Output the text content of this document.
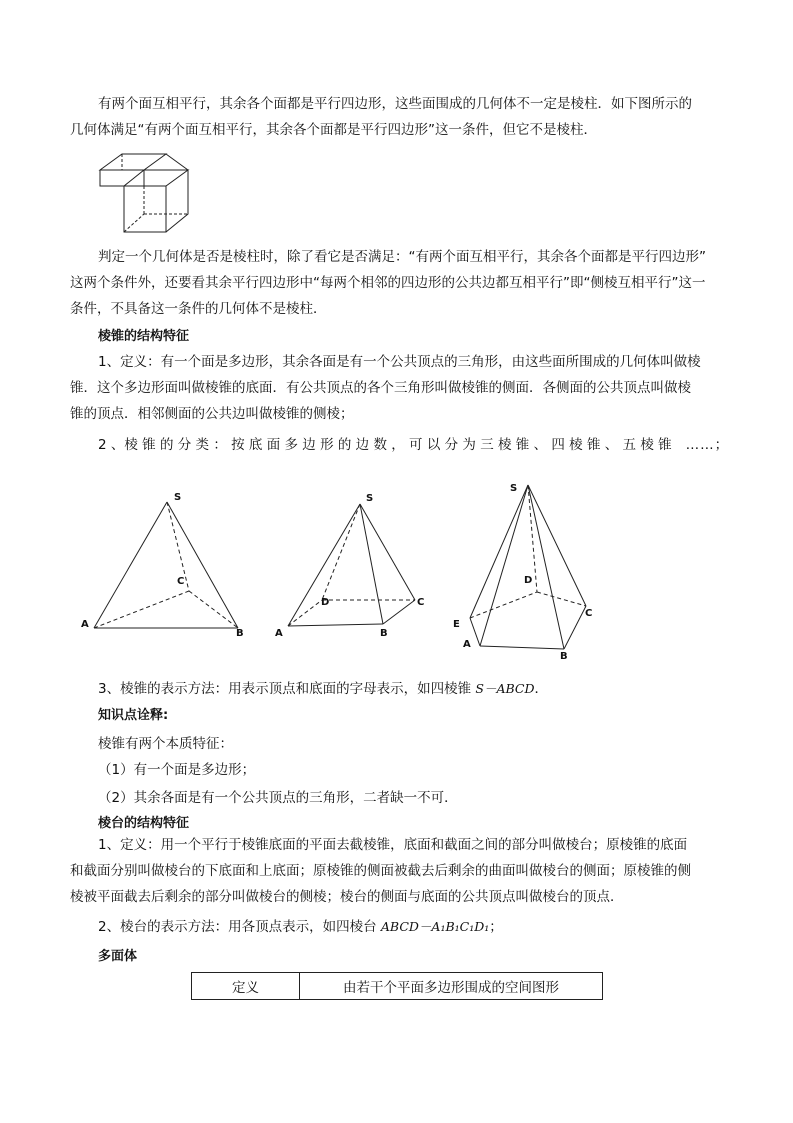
有两个面互相平行，其余各个面都是平行四边形，这些面围成的几何体不一定是棱柱．如下图所示的
几何体满足“有两个面互相平行，其余各个面都是平行四边形”这一条件，但它不是棱柱．
判定一个几何体是否是棱柱时，除了看它是否满足：“有两个面互相平行，其余各个面都是平行四边形”
这两个条件外，还要看其余平行四边形中“每两个相邻的四边形的公共边都互相平行”即“侧棱互相平行”这一
条件，不具备这一条件的几何体不是棱柱．
棱锥的结构特征
1、定义：有一个面是多边形，其余各面是有一个公共顶点的三角形，由这些面所围成的几何体叫做棱
锥．这个多边形面叫做棱锥的底面．有公共顶点的各个三角形叫做棱锥的侧面．各侧面的公共顶点叫做棱
锥的顶点．相邻侧面的公共边叫做棱锥的侧棱；
2 、棱 锥 的 分 类 ： 按 底 面 多 边 形 的 边 数 ， 可 以 分 为 三 棱 锥 、 四 棱 锥 、 五 棱 锥 ……；
S
A
B
C
S
A	B
C
D
S
A
B
C
D
E
3、棱锥的表示方法：用表示顶点和底面的字母表示，如四棱锥 S－ABCD．
知识点诠释:
棱锥有两个本质特征：
（1）有一个面是多边形；
（2）其余各面是有一个公共顶点的三角形，二者缺一不可．
棱台的结构特征
1、定义：用一个平行于棱锥底面的平面去截棱锥，底面和截面之间的部分叫做棱台；原棱锥的底面
和截面分别叫做棱台的下底面和上底面；原棱锥的侧面被截去后剩余的曲面叫做棱台的侧面；原棱锥的侧
棱被平面截去后剩余的部分叫做棱台的侧棱；棱台的侧面与底面的公共顶点叫做棱台的顶点．
2、棱台的表示方法：用各顶点表示，如四棱台 ABCD－A₁B₁C₁D₁；
多面体
定义	由若干个平面多边形围成的空间图形
